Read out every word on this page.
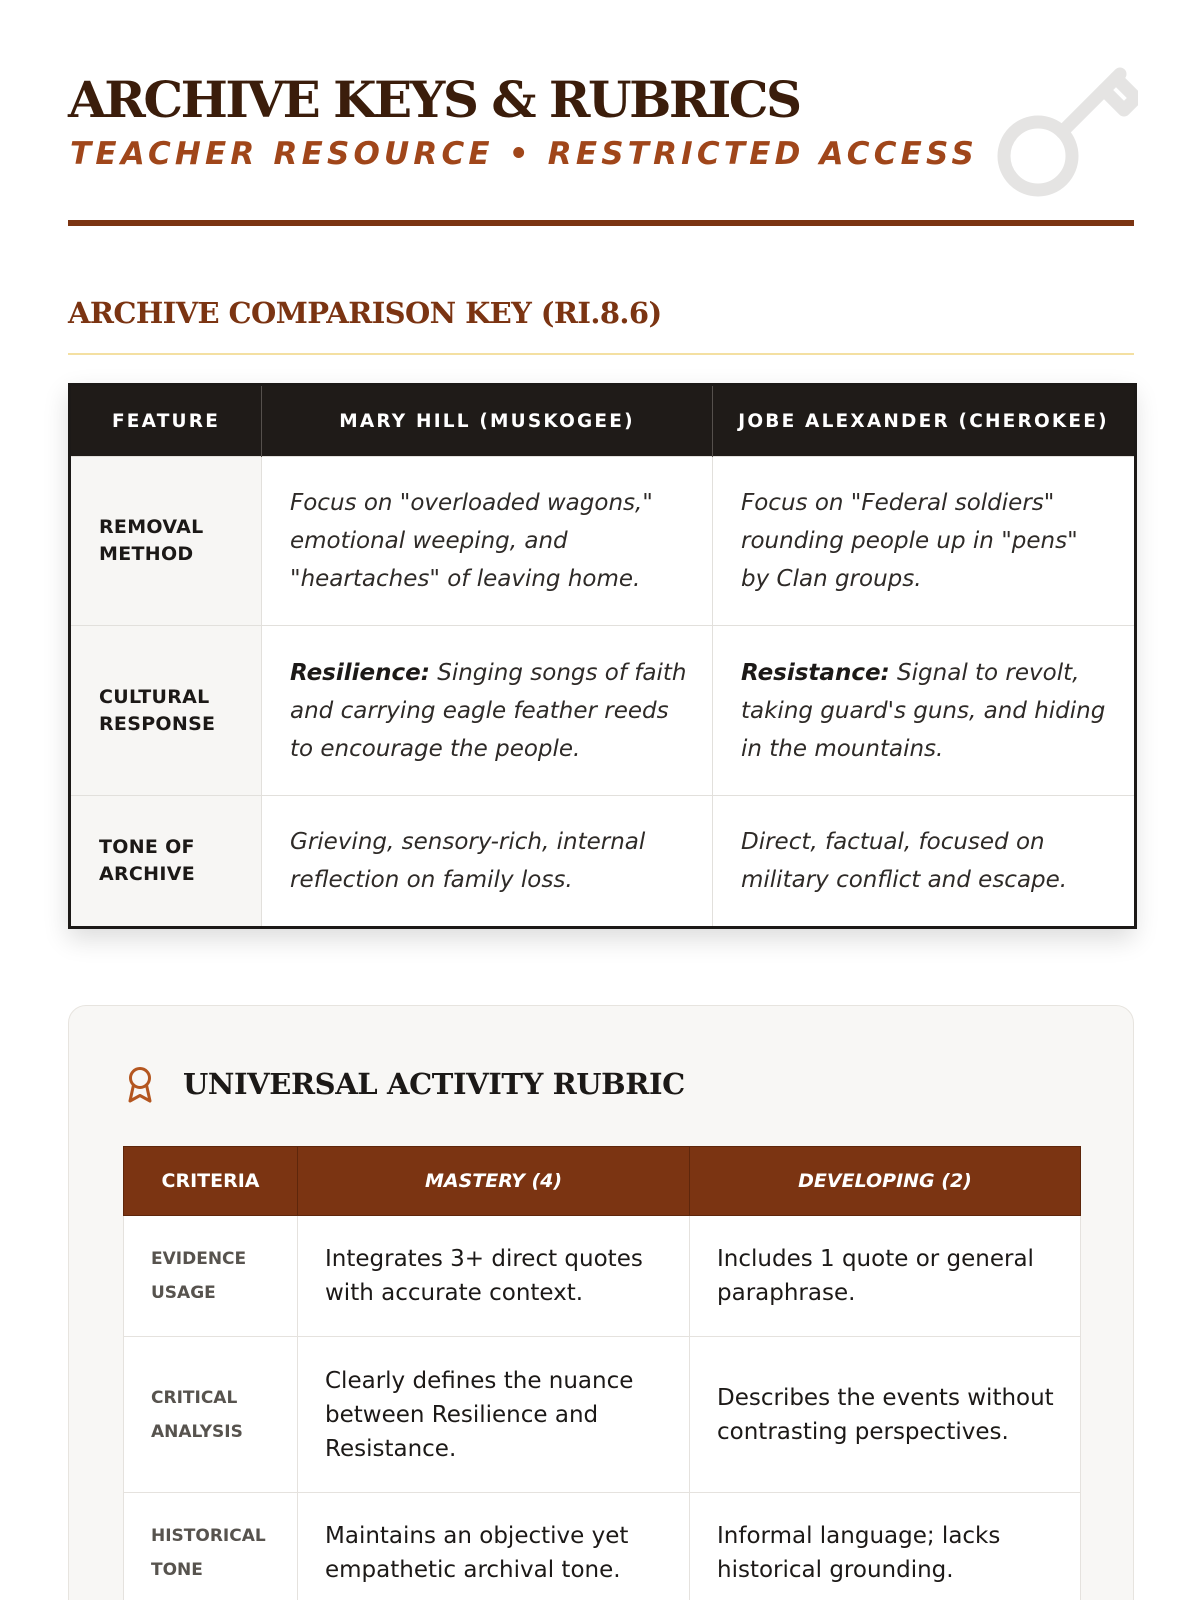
ARCHIVE KEYS & RUBRICS
TEACHER RESOURCE • RESTRICTED ACCESS
ARCHIVE COMPARISON KEY (RI.8.6)
FEATURE	MARY HILL (MUSKOGEE)	JOBE ALEXANDER (CHEROKEE)
REMOVAL METHOD	Focus on "overloaded wagons," emotional weeping, and "heartaches" of leaving home.	Focus on "Federal soldiers" rounding people up in "pens" by Clan groups.
CULTURAL RESPONSE	Resilience: Singing songs of faith and carrying eagle feather reeds to encourage the people.	Resistance: Signal to revolt, taking guard's guns, and hiding in the mountains.
TONE OF ARCHIVE	Grieving, sensory-rich, internal reflection on family loss.	Direct, factual, focused on military conflict and escape.
UNIVERSAL ACTIVITY RUBRIC
CRITERIA	MASTERY (4)	DEVELOPING (2)
EVIDENCE USAGE	Integrates 3+ direct quotes with accurate context.	Includes 1 quote or general paraphrase.
CRITICAL ANALYSIS	Clearly defines the nuance between Resilience and Resistance.	Describes the events without contrasting perspectives.
HISTORICAL TONE	Maintains an objective yet empathetic archival tone.	Informal language; lacks historical grounding.
